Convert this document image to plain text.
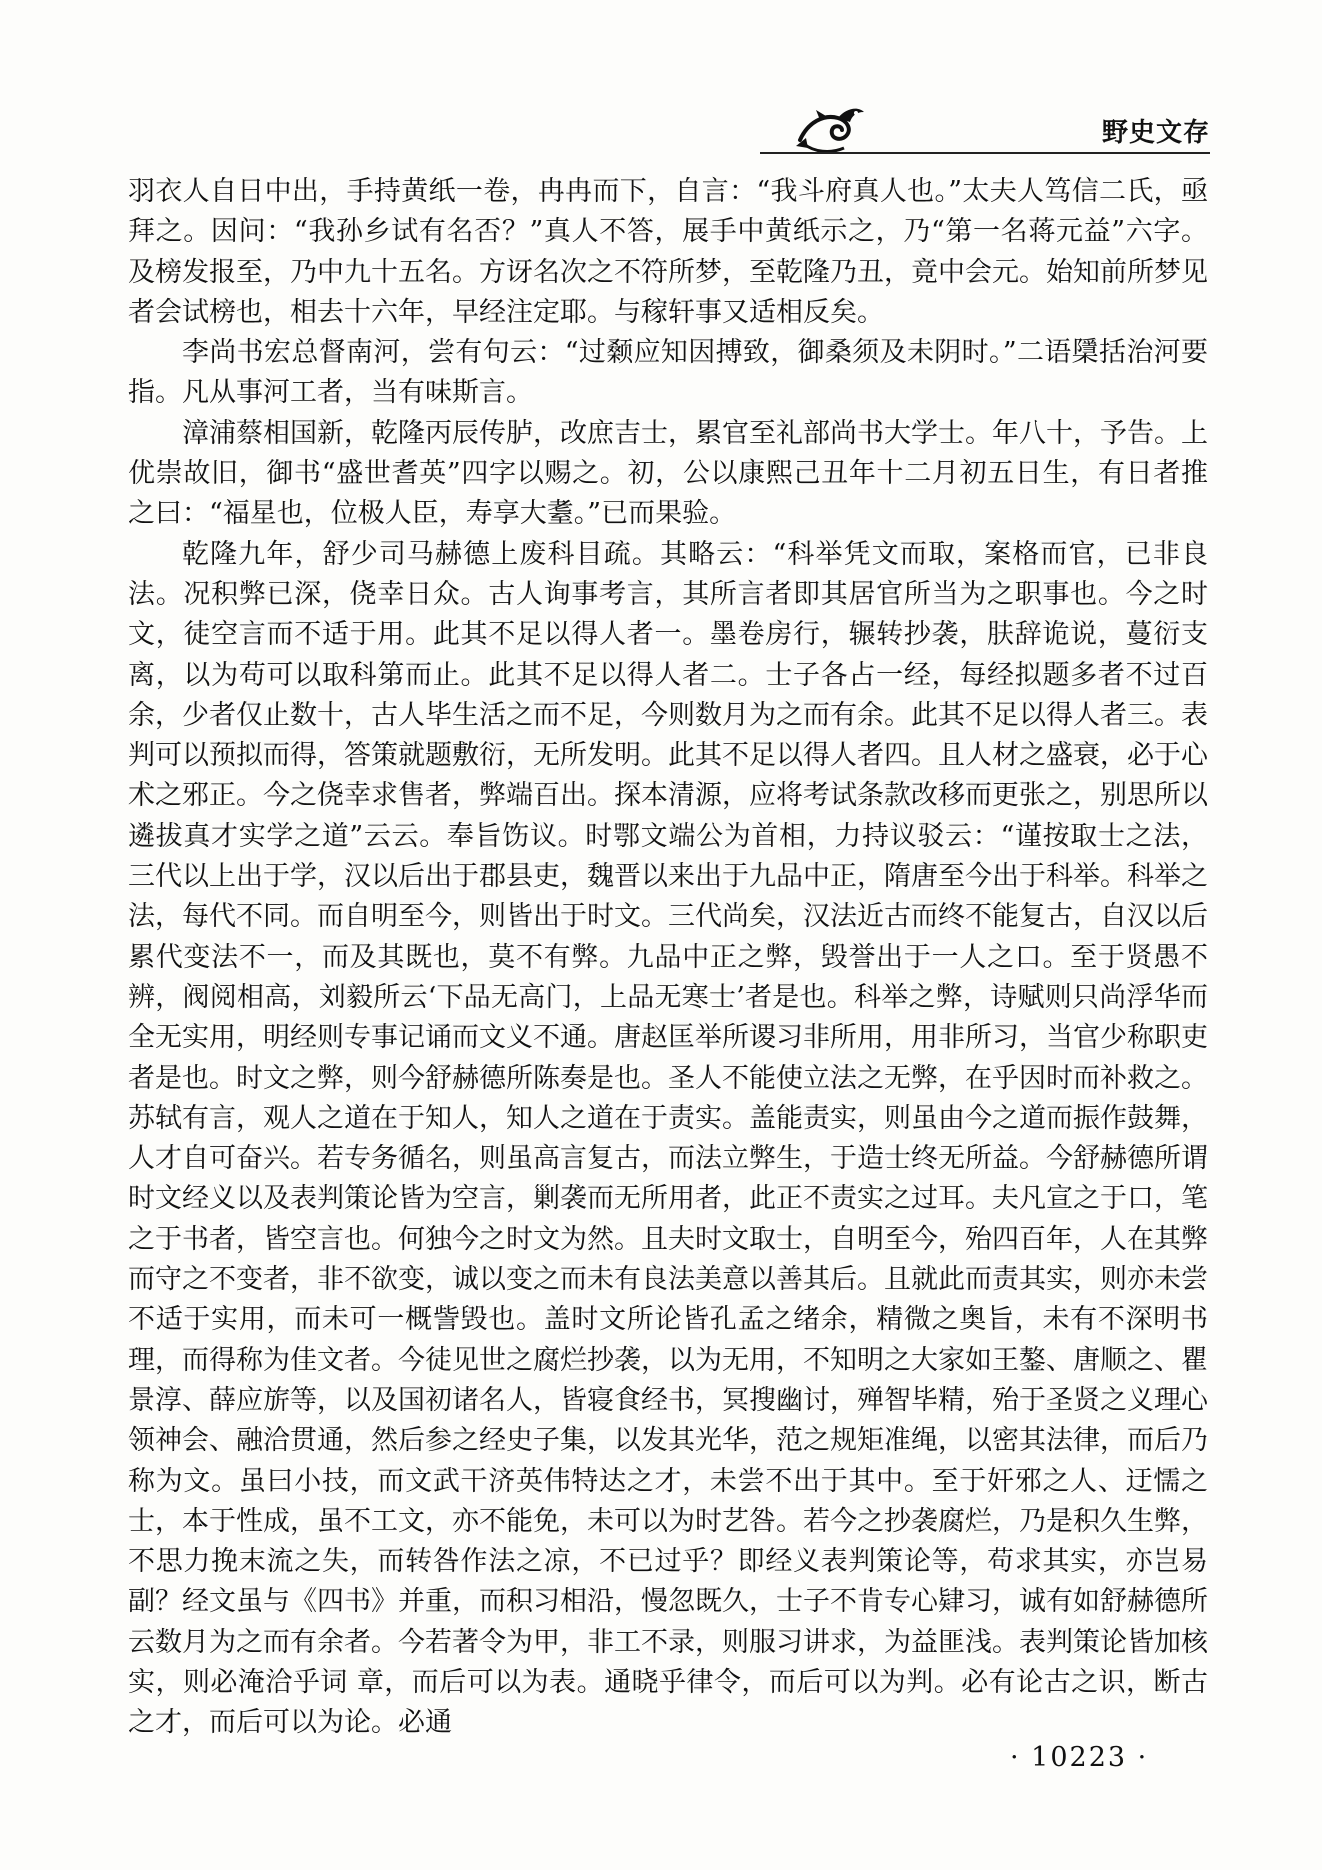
野史文存

羽衣人自日中出，手持黄纸一卷，冉冉而下，自言：“我斗府真人也。”太夫人笃信二氏，亟拜之。因问：“我孙乡试有名否？”真人不答，展手中黄纸示之，乃“第一名蒋元益”六字。及榜发报至，乃中九十五名。方讶名次之不符所梦，至乾隆乃丑，竟中会元。始知前所梦见者会试榜也，相去十六年，早经注定耶。与稼轩事又适相反矣。

李尚书宏总督南河，尝有句云：“过颡应知因搏致，御桑须及未阴时。”二语檃括治河要指。凡从事河工者，当有味斯言。

漳浦蔡相国新，乾隆丙辰传胪，改庶吉士，累官至礼部尚书大学士。年八十，予告。上优崇故旧，御书“盛世耆英”四字以赐之。初，公以康熙己丑年十二月初五日生，有日者推之曰：“福星也，位极人臣，寿享大耋。”已而果验。

乾隆九年，舒少司马赫德上废科目疏。其略云：“科举凭文而取，案格而官，已非良法。况积弊已深，侥幸日众。古人询事考言，其所言者即其居官所当为之职事也。今之时文，徒空言而不适于用。此其不足以得人者一。墨卷房行，辗转抄袭，肤辞诡说，蔓衍支离，以为苟可以取科第而止。此其不足以得人者二。士子各占一经，每经拟题多者不过百余，少者仅止数十，古人毕生活之而不足，今则数月为之而有余。此其不足以得人者三。表判可以预拟而得，答策就题敷衍，无所发明。此其不足以得人者四。且人材之盛衰，必于心术之邪正。今之侥幸求售者，弊端百出。探本清源，应将考试条款改移而更张之，别思所以遴拔真才实学之道”云云。奉旨饬议。时鄂文端公为首相，力持议驳云：“谨按取士之法，三代以上出于学，汉以后出于郡县吏，魏晋以来出于九品中正，隋唐至今出于科举。科举之法，每代不同。而自明至今，则皆出于时文。三代尚矣，汉法近古而终不能复古，自汉以后累代变法不一，而及其既也，莫不有弊。九品中正之弊，毁誉出于一人之口。至于贤愚不辨，阀阅相高，刘毅所云‘下品无高门，上品无寒士’者是也。科举之弊，诗赋则只尚浮华而全无实用，明经则专事记诵而文义不通。唐赵匡举所谡习非所用，用非所习，当官少称职吏者是也。时文之弊，则今舒赫德所陈奏是也。圣人不能使立法之无弊，在乎因时而补救之。苏轼有言，观人之道在于知人，知人之道在于责实。盖能责实，则虽由今之道而振作鼓舞，人才自可奋兴。若专务循名，则虽高言复古，而法立弊生，于造士终无所益。今舒赫德所谓时文经义以及表判策论皆为空言，剿袭而无所用者，此正不责实之过耳。夫凡宣之于口，笔之于书者，皆空言也。何独今之时文为然。且夫时文取士，自明至今，殆四百年，人在其弊而守之不变者，非不欲变，诚以变之而未有良法美意以善其后。且就此而责其实，则亦未尝不适于实用，而未可一概訾毁也。盖时文所论皆孔孟之绪余，精微之奥旨，未有不深明书理，而得称为佳文者。今徒见世之腐烂抄袭，以为无用，不知明之大家如王鏊、唐顺之、瞿景淳、薛应旂等，以及国初诸名人，皆寝食经书，冥搜幽讨，殚智毕精，殆于圣贤之义理心领神会、融洽贯通，然后参之经史子集，以发其光华，范之规矩准绳，以密其法律，而后乃称为文。虽曰小技，而文武干济英伟特达之才，未尝不出于其中。至于奸邪之人、迂懦之士，本于性成，虽不工文，亦不能免，未可以为时艺咎。若今之抄袭腐烂，乃是积久生弊，不思力挽末流之失，而转咎作法之凉，不已过乎？即经义表判策论等，苟求其实，亦岂易副？经文虽与《四书》并重，而积习相沿，慢忽既久，士子不肯专心肄习，诚有如舒赫德所云数月为之而有余者。今若著令为甲，非工不录，则服习讲求，为益匪浅。表判策论皆加核实，则必淹洽乎词 章，而后可以为表。通晓乎律令，而后可以为判。必有论古之识，断古之才，而后可以为论。必通

· 10223 ·
